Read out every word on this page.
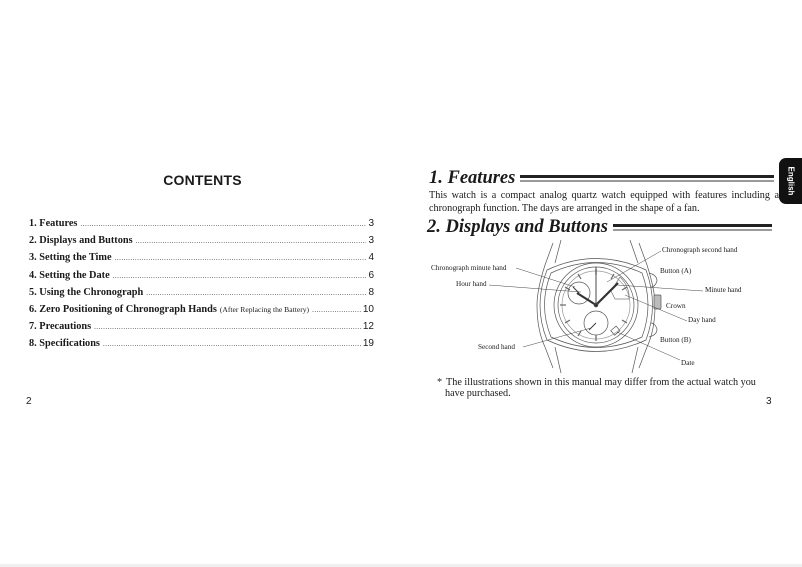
CONTENTS
1. Features .....	3
2. Displays and Buttons .....	3
3. Setting the Time .....	4
4. Setting the Date .....	6
5. Using the Chronograph .....	8
6. Zero Positioning of Chronograph Hands (After Replacing the Battery) .....	10
7. Precautions .....	12
8. Specifications .....	19
2
English
1. Features
This watch is a compact analog quartz watch equipped with features including a chronograph function. The days are arranged in the shape of a fan.
2. Displays and Buttons
Chronograph second hand
Chronograph minute hand	Button (A)
Hour hand
Minute hand
Crown
Day hand
Button (B)
Second hand
Date
* The illustrations shown in this manual may differ from the actual watch you
have purchased.
3
